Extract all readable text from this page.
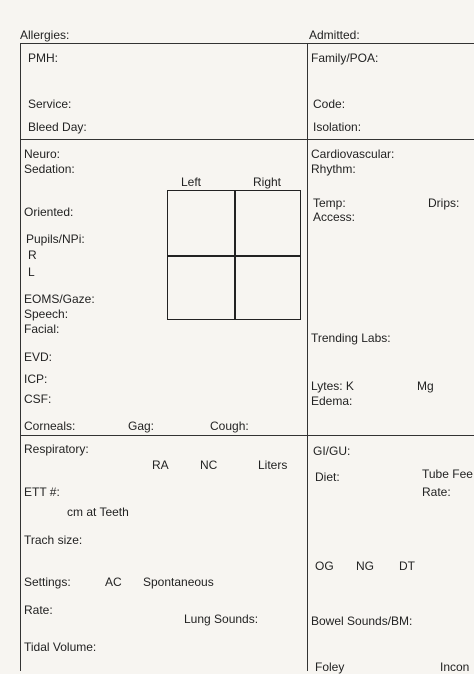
Allergies:	Admitted:
PMH:
Service:
Bleed Day:
Family/POA:
Code:
Isolation:
Neuro:
Sedation:
Left	Right
Oriented:
Pupils/NPi:
R
L
EOMS/Gaze:
Speech:
Facial:
EVD:
ICP:
CSF:
Corneals:	Gag:	Cough:
Cardiovascular:
Rhythm:
Temp:	Drips:
Access:
Trending Labs:
Lytes: K	Mg
Edema:
Respiratory:
RA	NC	Liters
ETT #:
cm at Teeth
Trach size:
Settings:	AC Spontaneous
Rate:
Lung Sounds:
Tidal Volume:
GI/GU:
Diet:	Tube Fee
Rate:
OG NG DT
Bowel Sounds/BM:
Foley	Incon
